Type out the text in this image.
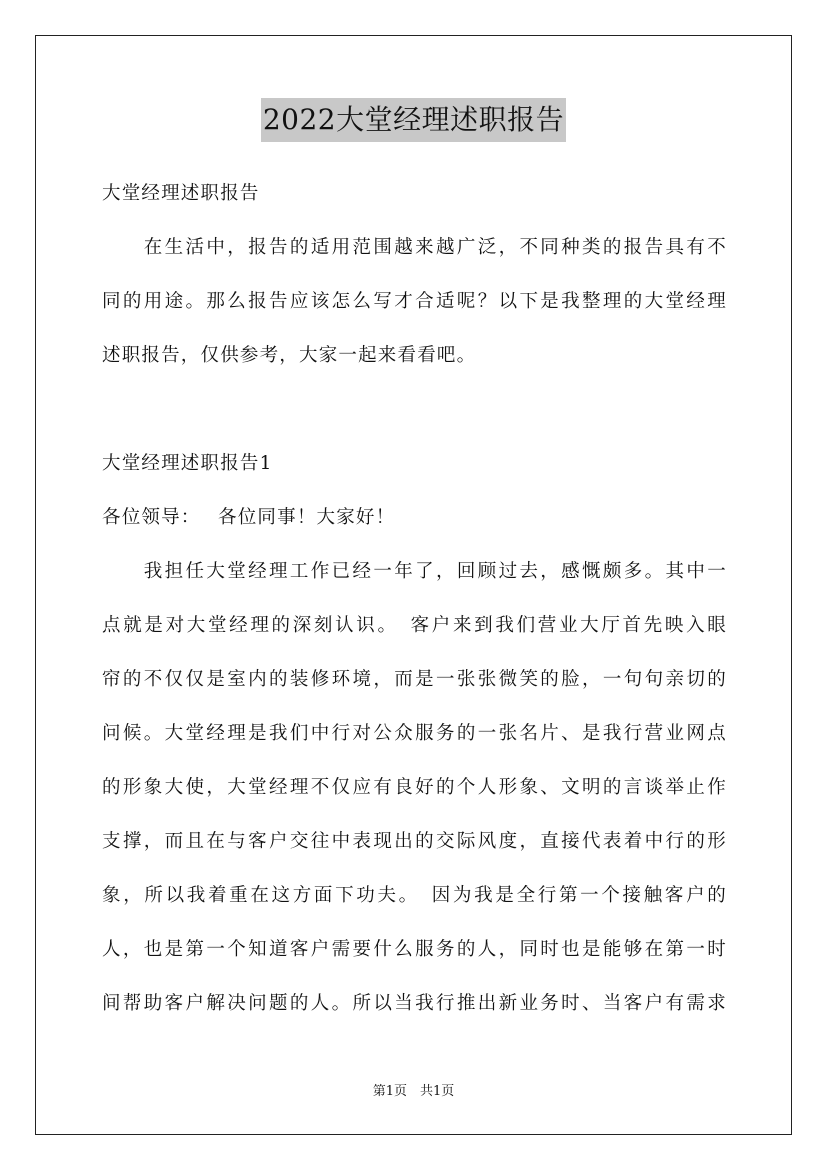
2022大堂经理述职报告
大堂经理述职报告
　　在生活中，报告的适用范围越来越广泛，不同种类的报告具有不
同的用途。那么报告应该怎么写才合适呢？以下是我整理的大堂经理
述职报告，仅供参考，大家一起来看看吧。
大堂经理述职报告1
各位领导：　 各位同事！大家好！
　　我担任大堂经理工作已经一年了，回顾过去，感慨颇多。其中一
点就是对大堂经理的深刻认识。　客户来到我们营业大厅首先映入眼
帘的不仅仅是室内的装修环境，而是一张张微笑的脸，一句句亲切的
问候。大堂经理是我们中行对公众服务的一张名片、是我行营业网点
的形象大使，大堂经理不仅应有良好的个人形象、文明的言谈举止作
支撑，而且在与客户交往中表现出的交际风度，直接代表着中行的形
象，所以我着重在这方面下功夫。　因为我是全行第一个接触客户的
人，也是第一个知道客户需要什么服务的人，同时也是能够在第一时
间帮助客户解决问题的人。所以当我行推出新业务时、当客户有需求
第1页　共1页
